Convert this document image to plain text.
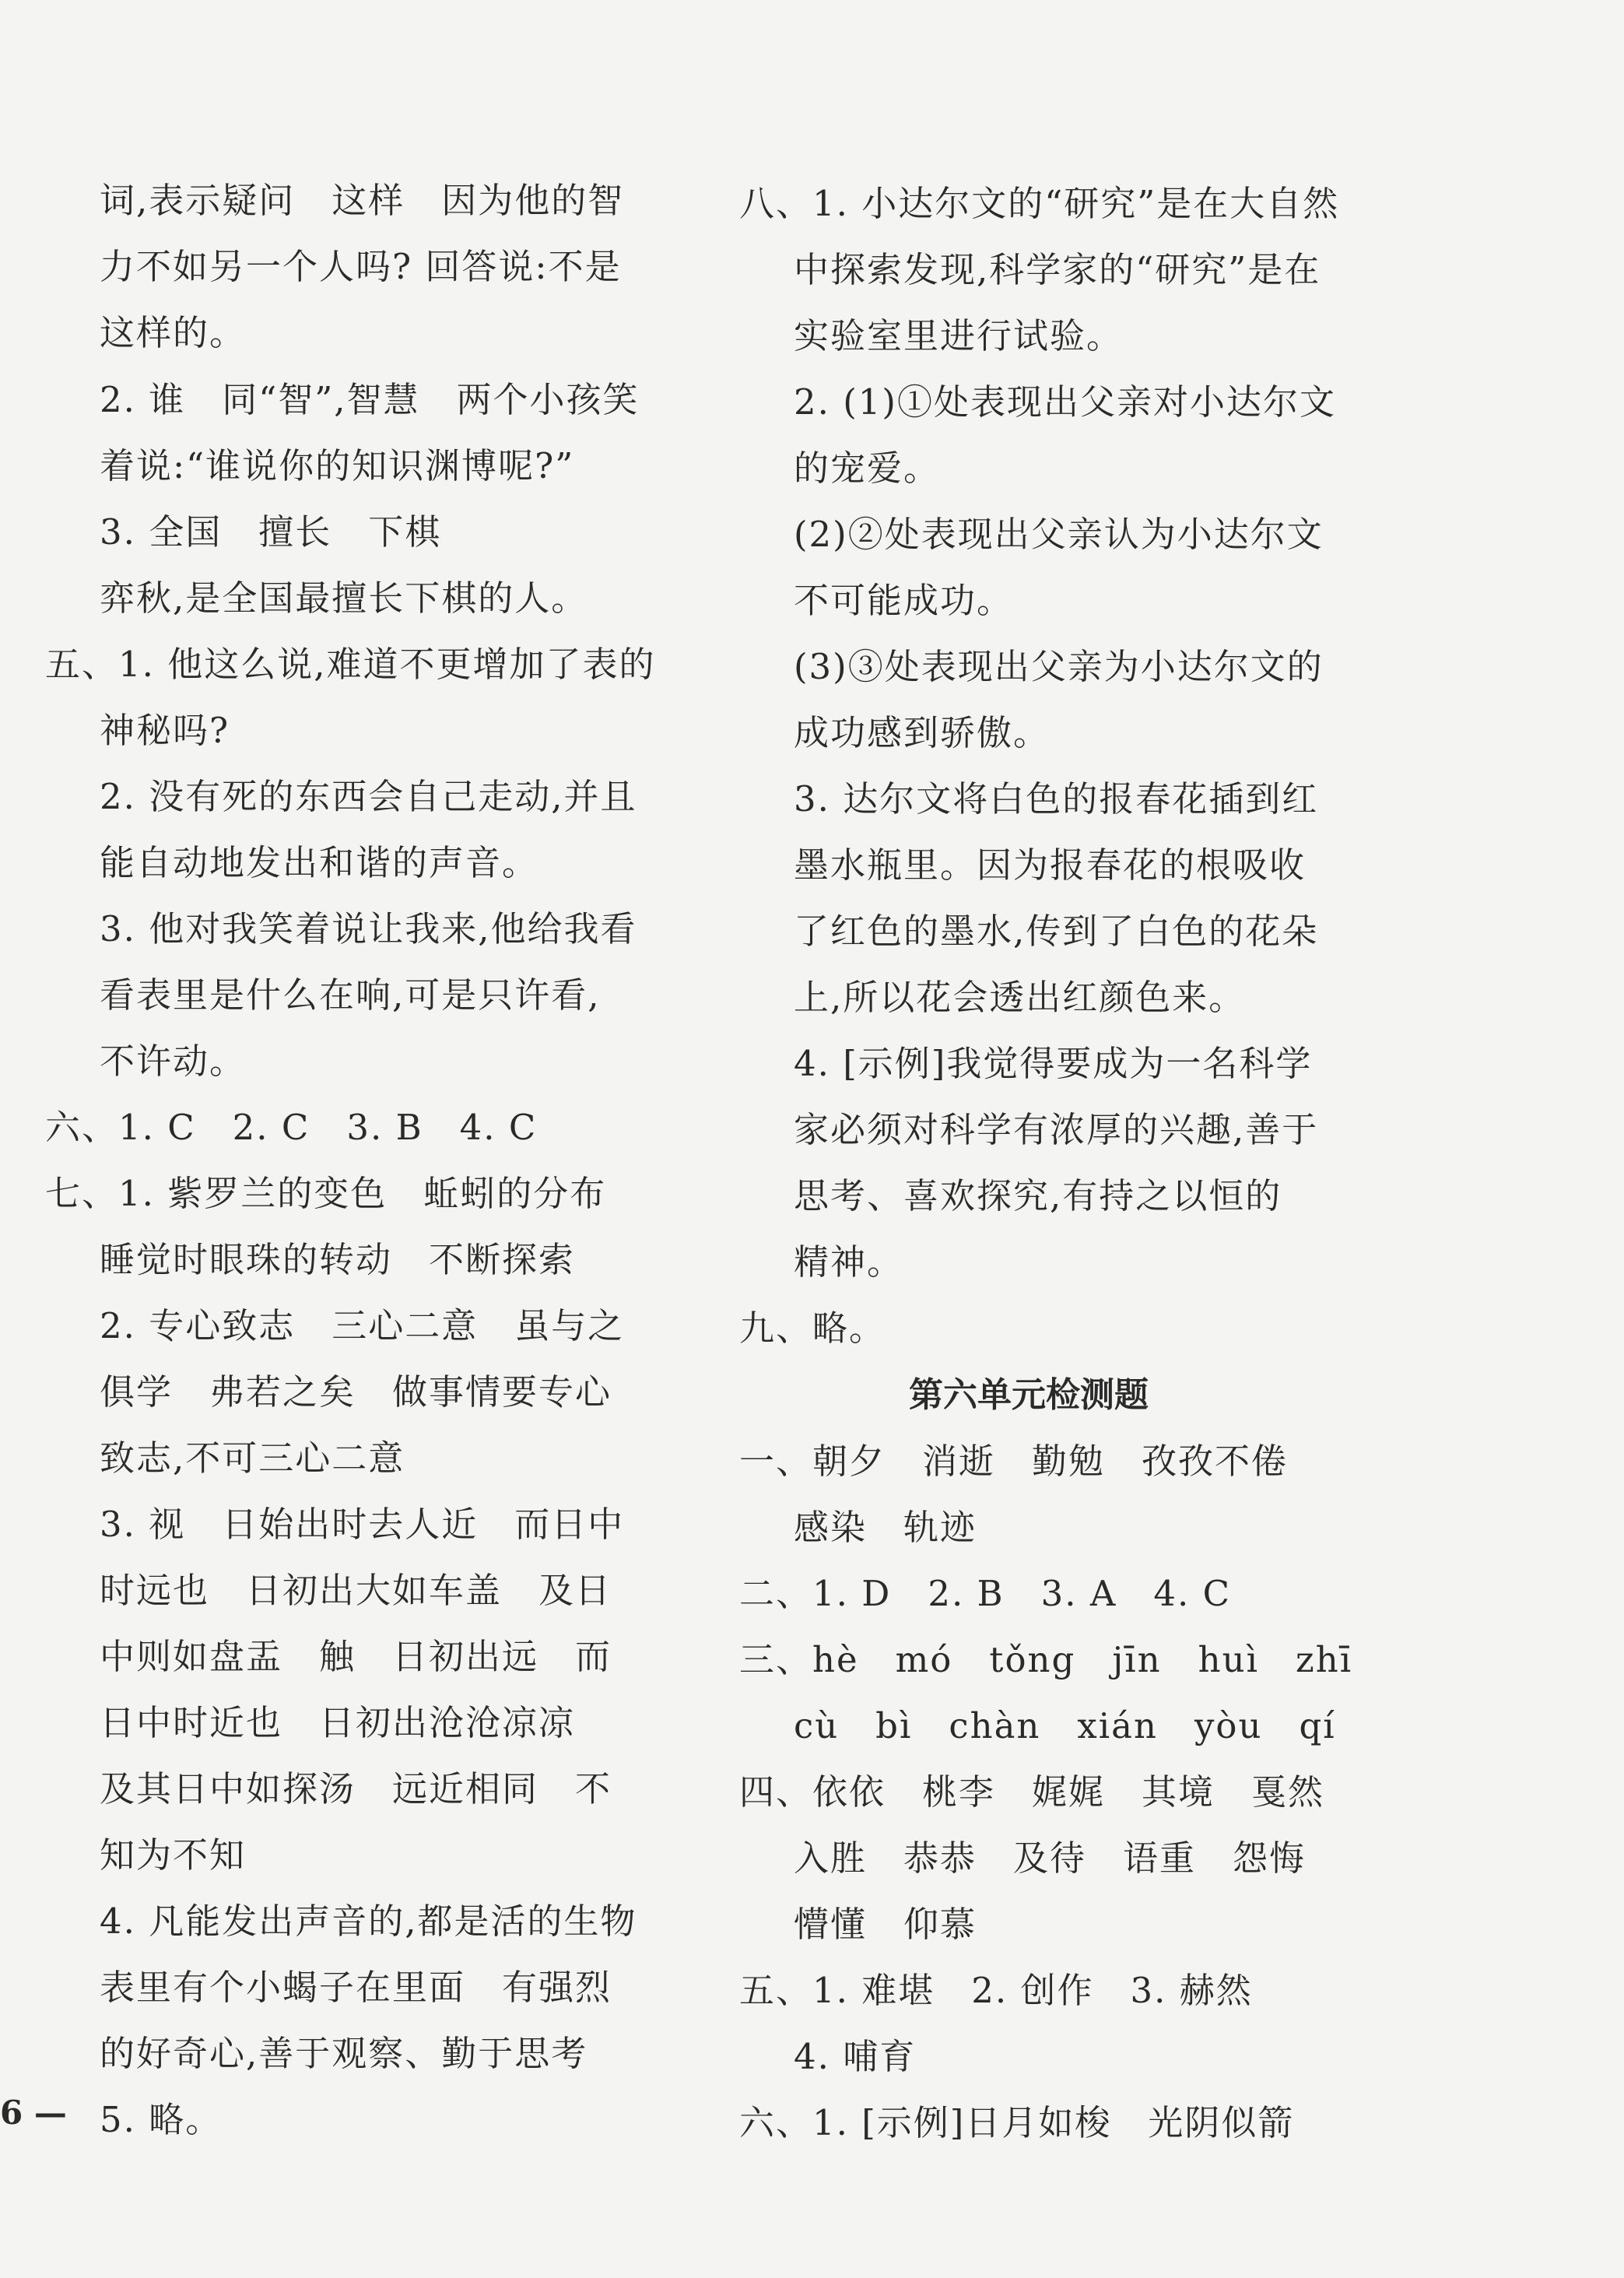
词,表示疑问　这样　因为他的智
力不如另一个人吗? 回答说:不是
这样的。
2. 谁　同“智”,智慧　两个小孩笑
着说:“谁说你的知识渊博呢?”
3. 全国　擅长　下棋
弈秋,是全国最擅长下棋的人。
五、1. 他这么说,难道不更增加了表的
神秘吗?
2. 没有死的东西会自己走动,并且
能自动地发出和谐的声音。
3. 他对我笑着说让我来,他给我看
看表里是什么在响,可是只许看,
不许动。
六、1. C　2. C　3. B　4. C
七、1. 紫罗兰的变色　蚯蚓的分布
睡觉时眼珠的转动　不断探索
2. 专心致志　三心二意　虽与之
俱学　弗若之矣　做事情要专心
致志,不可三心二意
3. 视　日始出时去人近　而日中
时远也　日初出大如车盖　及日
中则如盘盂　触　日初出远　而
日中时近也　日初出沧沧凉凉
及其日中如探汤　远近相同　不
知为不知
4. 凡能发出声音的,都是活的生物
表里有个小蝎子在里面　有强烈
的好奇心,善于观察、勤于思考
5. 略。
八、1. 小达尔文的“研究”是在大自然
中探索发现,科学家的“研究”是在
实验室里进行试验。
2. (1)①处表现出父亲对小达尔文
的宠爱。
(2)②处表现出父亲认为小达尔文
不可能成功。
(3)③处表现出父亲为小达尔文的
成功感到骄傲。
3. 达尔文将白色的报春花插到红
墨水瓶里。因为报春花的根吸收
了红色的墨水,传到了白色的花朵
上,所以花会透出红颜色来。
4. [示例]我觉得要成为一名科学
家必须对科学有浓厚的兴趣,善于
思考、喜欢探究,有持之以恒的
精神。
九、略。
第六单元检测题
一、朝夕　消逝　勤勉　孜孜不倦
感染　轨迹
二、1. D　2. B　3. A　4. C
三、hè　mó　tǒng　jīn　huì　zhī
cù　bì　chàn　xián　yòu　qí
四、依依　桃李　娓娓　其境　戛然
入胜　恭恭　及待　语重　怨悔
懵懂　仰慕
五、1. 难堪　2. 创作　3. 赫然
4. 哺育
六、1. [示例]日月如梭　光阴似箭
6 —
